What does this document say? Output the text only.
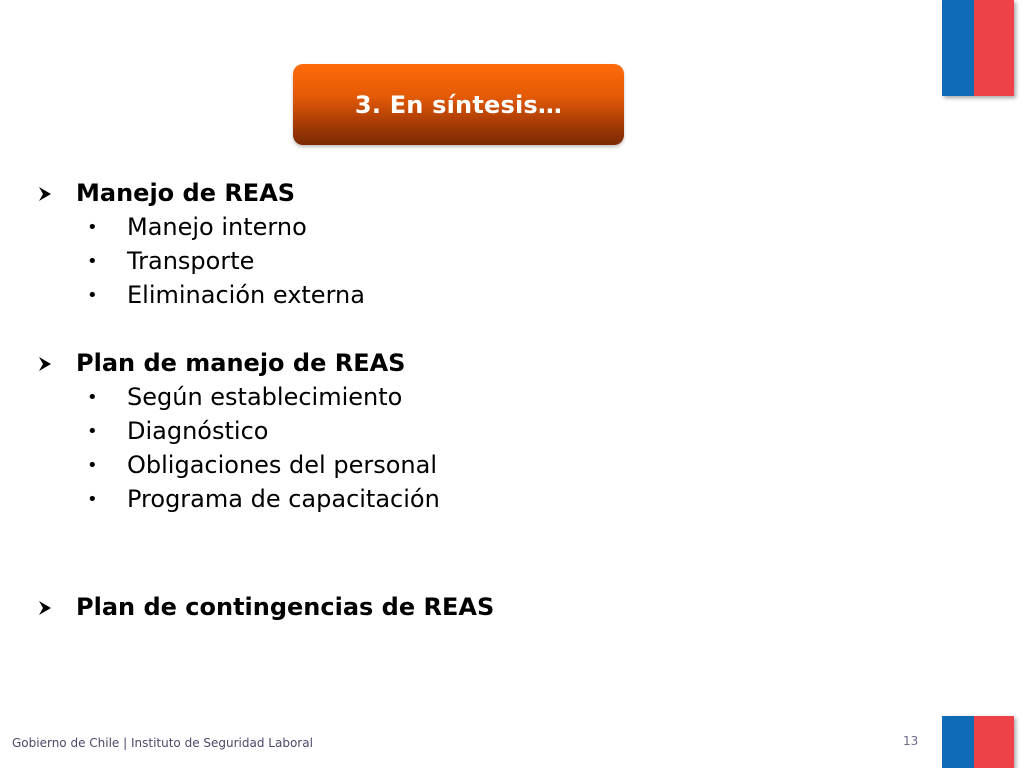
3. En síntesis…
Manejo de REAS
•	Manejo interno
•	Transporte
•	Eliminación externa
Plan de manejo de REAS
•	Según establecimiento
•	Diagnóstico
•	Obligaciones del personal
•	Programa de capacitación
Plan de contingencias de REAS
Gobierno de Chile | Instituto de Seguridad Laboral	13
